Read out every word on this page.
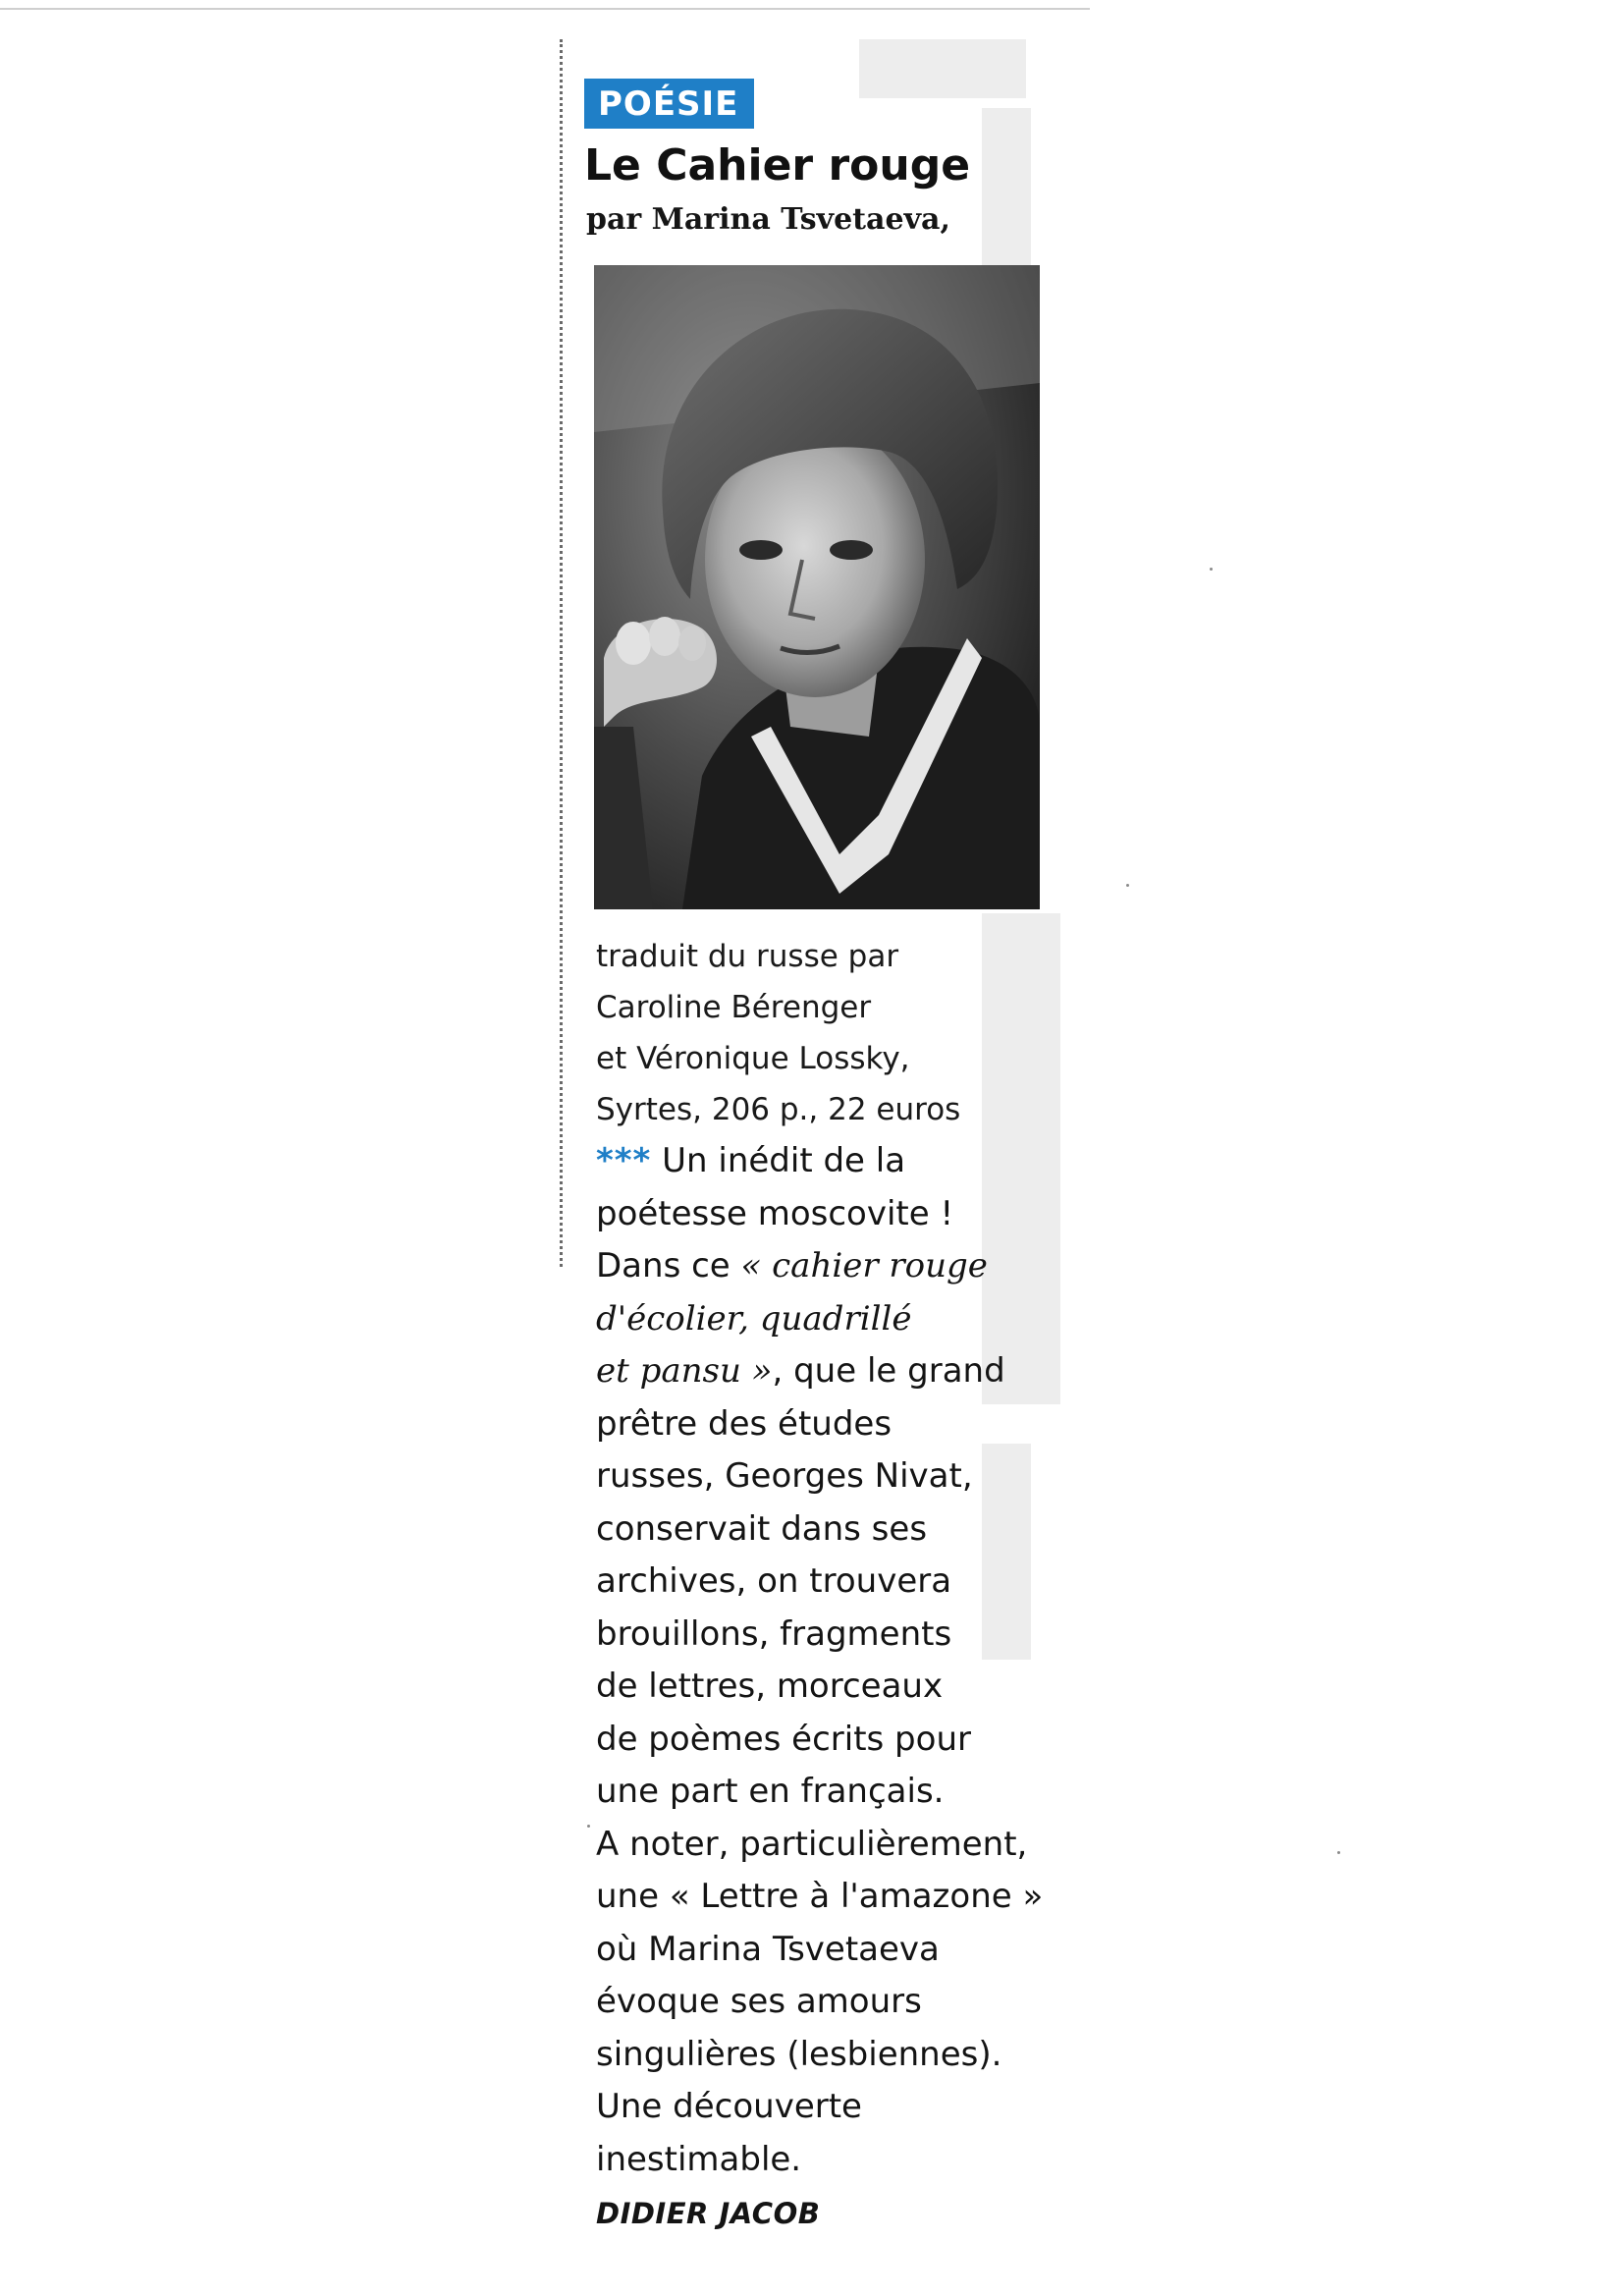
POÉSIE
Le Cahier rouge
par Marina Tsvetaeva,
traduit du russe par
Caroline Bérenger
et Véronique Lossky,
Syrtes, 206 p., 22 euros
*** Un inédit de la
poétesse moscovite !
Dans ce « cahier rouge
d'écolier, quadrillé
et pansu », que le grand
prêtre des études
russes, Georges Nivat,
conservait dans ses
archives, on trouvera
brouillons, fragments
de lettres, morceaux
de poèmes écrits pour
une part en français.
A noter, particulièrement,
une « Lettre à l'amazone »
où Marina Tsvetaeva
évoque ses amours
singulières (lesbiennes).
Une découverte
inestimable.
DIDIER JACOB
